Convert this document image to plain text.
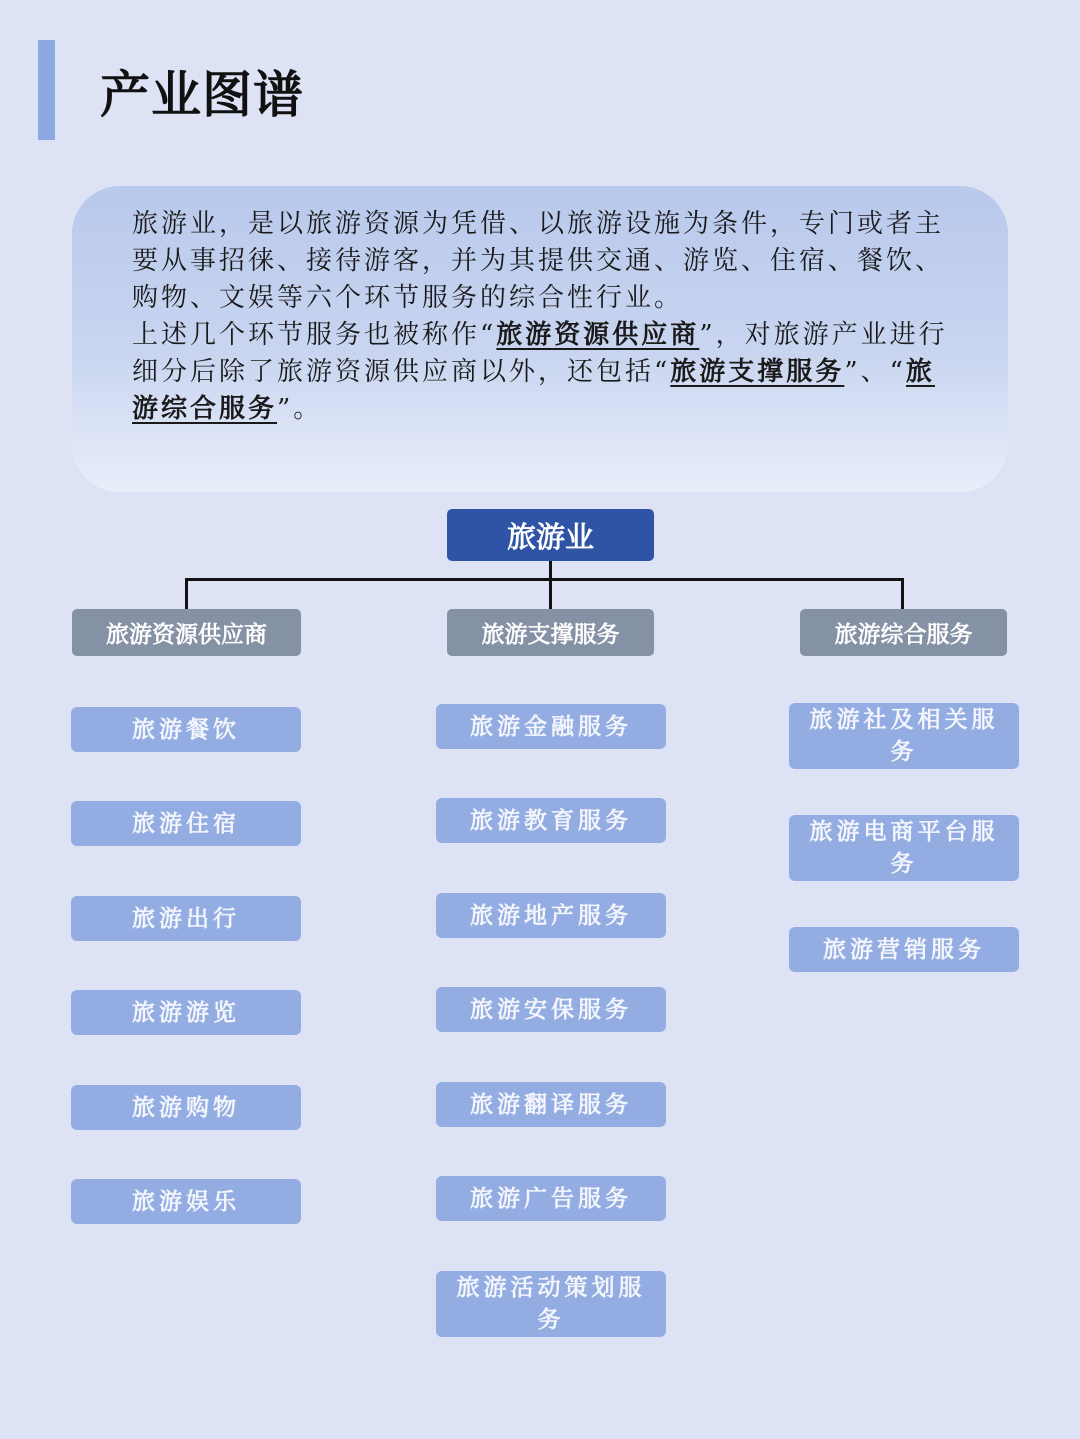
产业图谱

旅游业，是以旅游资源为凭借、以旅游设施为条件，专门或者主要从事招徕、接待游客，并为其提供交通、游览、住宿、餐饮、购物、文娱等六个环节服务的综合性行业。

上述几个环节服务也被称作“旅游资源供应商”，对旅游产业进行细分后除了旅游资源供应商以外，还包括“旅游支撑服务”、“旅游综合服务”。

旅游业
旅游资源供应商	旅游支撑服务	旅游综合服务
旅游餐饮
旅游住宿
旅游出行
旅游游览
旅游购物
旅游娱乐
旅游金融服务
旅游教育服务
旅游地产服务
旅游安保服务
旅游翻译服务
旅游广告服务
旅游活动策划服务
旅游社及相关服务
旅游电商平台服务
旅游营销服务
